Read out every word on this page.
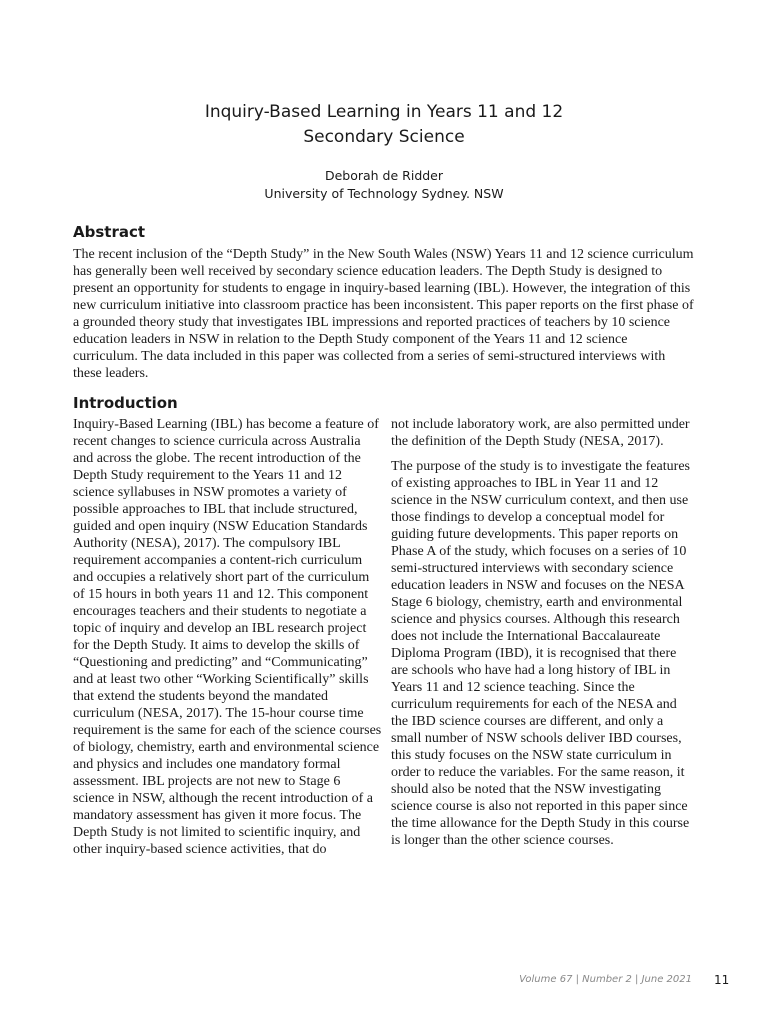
Inquiry-Based Learning in Years 11 and 12
Secondary Science
Deborah de Ridder
University of Technology Sydney. NSW
Abstract

The recent inclusion of the “Depth Study” in the New South Wales (NSW) Years 11 and 12 science curriculum has generally been well received by secondary science education leaders. The Depth Study is designed to present an opportunity for students to engage in inquiry-based learning (IBL). However, the integration of this new curriculum initiative into classroom practice has been inconsistent. This paper reports on the first phase of a grounded theory study that investigates IBL impressions and reported practices of teachers by 10 science education leaders in NSW in relation to the Depth Study component of the Years 11 and 12 science curriculum. The data included in this paper was collected from a series of semi-structured interviews with these leaders.

Introduction

Inquiry-Based Learning (IBL) has become a feature of recent changes to science curricula across Australia and across the globe. The recent introduction of the Depth Study requirement to the Years 11 and 12 science syllabuses in NSW promotes a variety of possible approaches to IBL that include structured, guided and open inquiry (NSW Education Standards Authority (NESA), 2017). The compulsory IBL requirement accompanies a content-rich curriculum and occupies a relatively short part of the curriculum of 15 hours in both years 11 and 12. This component encourages teachers and their students to negotiate a topic of inquiry and develop an IBL research project for the Depth Study. It aims to develop the skills of “Questioning and predicting” and “Communicating” and at least two other “Working Scientifically” skills that extend the students beyond the mandated curriculum (NESA, 2017). The 15-hour course time requirement is the same for each of the science courses of biology, chemistry, earth and environmental science and physics and includes one mandatory formal assessment. IBL projects are not new to Stage 6 science in NSW, although the recent introduction of a mandatory assessment has given it more focus. The Depth Study is not limited to scientific inquiry, and other inquiry-based science activities, that do

not include laboratory work, are also permitted under the definition of the Depth Study (NESA, 2017).

The purpose of the study is to investigate the features of existing approaches to IBL in Year 11 and 12 science in the NSW curriculum context, and then use those findings to develop a conceptual model for guiding future developments. This paper reports on Phase A of the study, which focuses on a series of 10 semi-structured interviews with secondary science education leaders in NSW and focuses on the NESA Stage 6 biology, chemistry, earth and environmental science and physics courses. Although this research does not include the International Baccalaureate Diploma Program (IBD), it is recognised that there are schools who have had a long history of IBL in Years 11 and 12 science teaching. Since the curriculum requirements for each of the NESA and the IBD science courses are different, and only a small number of NSW schools deliver IBD courses, this study focuses on the NSW state curriculum in order to reduce the variables. For the same reason, it should also be noted that the NSW investigating science course is also not reported in this paper since the time allowance for the Depth Study in this course is longer than the other science courses.

Volume 67 | Number 2 | June 2021 11
